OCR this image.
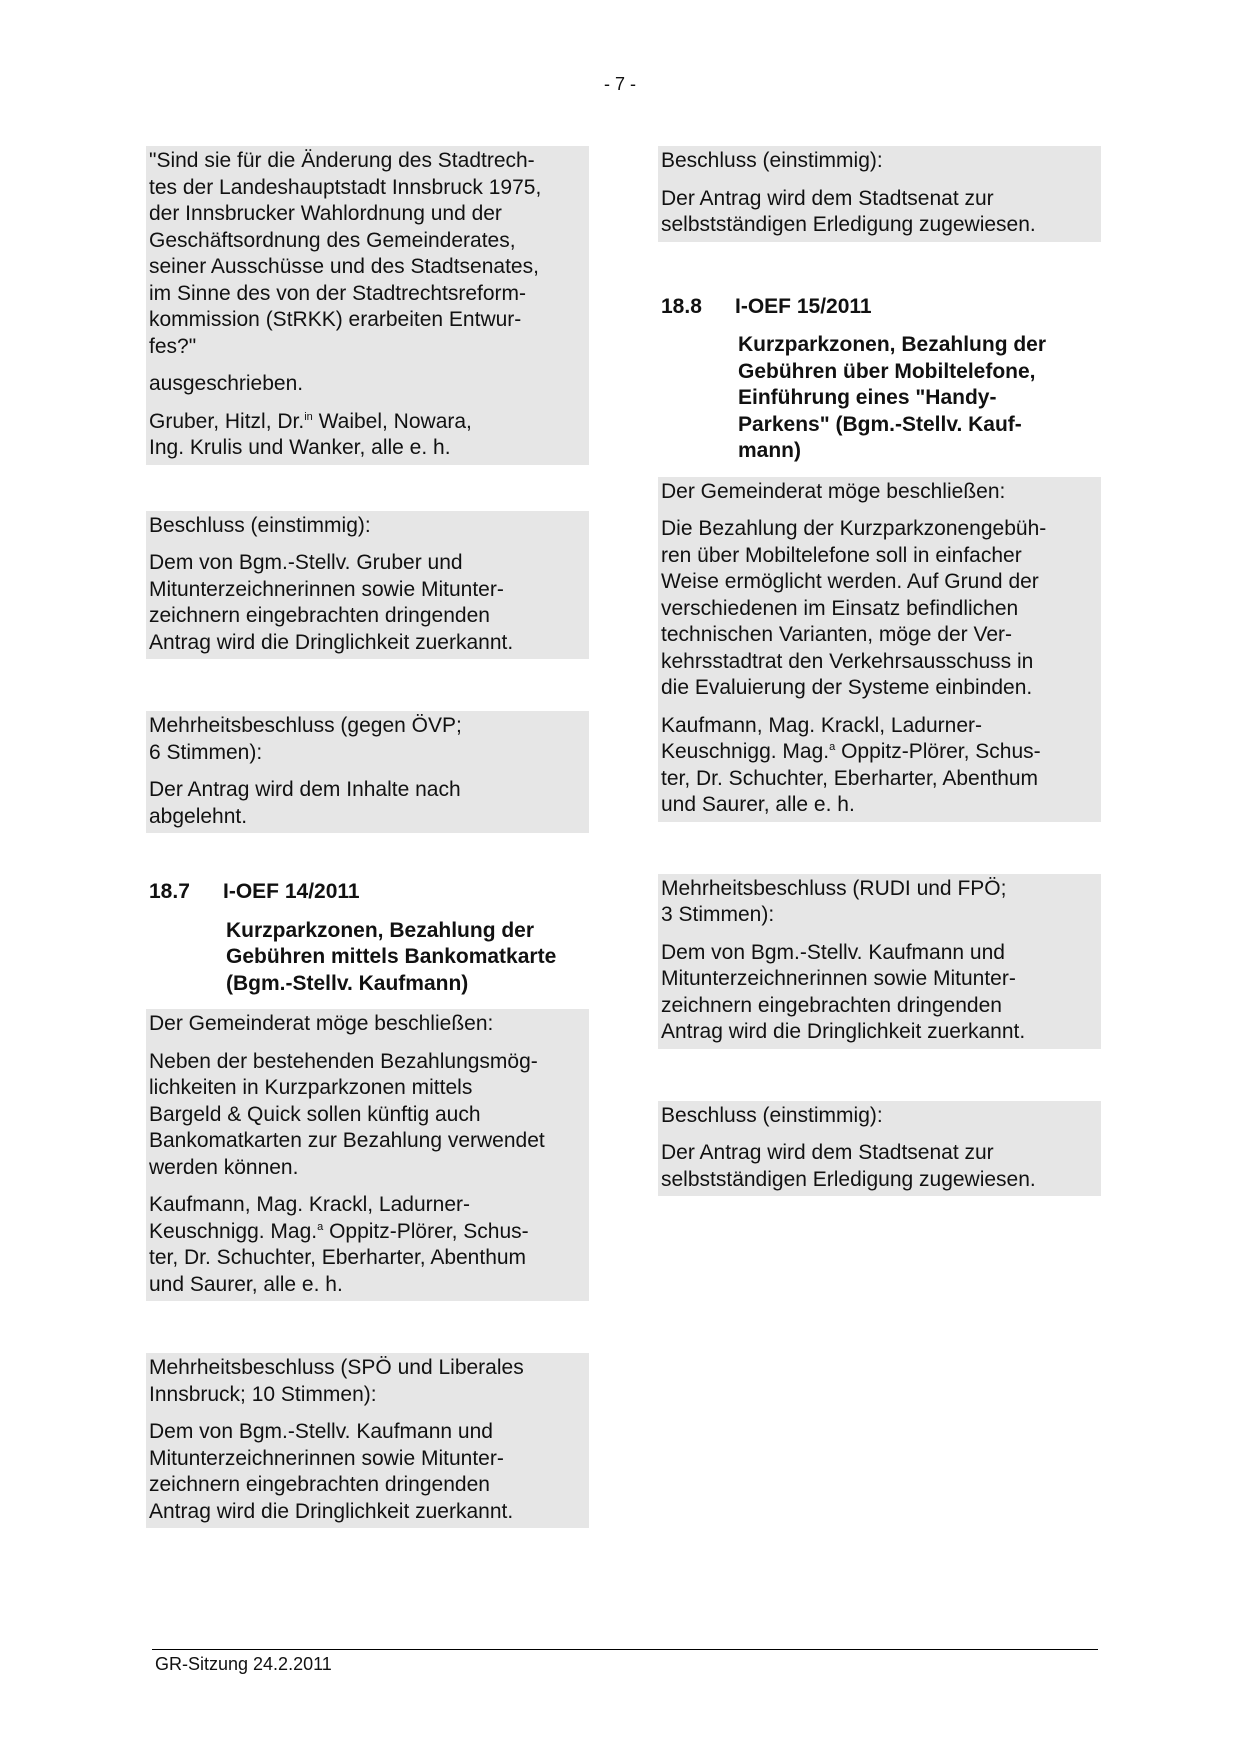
- 7 -

"Sind sie für die Änderung des Stadtrech-
tes der Landeshauptstadt Innsbruck 1975,
der Innsbrucker Wahlordnung und der
Geschäftsordnung des Gemeinderates,
seiner Ausschüsse und des Stadtsenates,
im Sinne des von der Stadtrechtsreform-
kommission (StRKK) erarbeiten Entwur-
fes?"

ausgeschrieben.

Gruber, Hitzl, Dr.$^{in}$ Waibel, Nowara,
Ing. Krulis und Wanker, alle e. h.

Beschluss (einstimmig):

Dem von Bgm.-Stellv. Gruber und
Mitunterzeichnerinnen sowie Mitunter-
zeichnern eingebrachten dringenden
Antrag wird die Dringlichkeit zuerkannt.

Mehrheitsbeschluss (gegen ÖVP;
6 Stimmen):

Der Antrag wird dem Inhalte nach
abgelehnt.

18.7 I-OEF 14/2011
Kurzparkzonen, Bezahlung der
Gebühren mittels Bankomatkarte
(Bgm.-Stellv. Kaufmann)

Der Gemeinderat möge beschließen:

Neben der bestehenden Bezahlungsmög-
lichkeiten in Kurzparkzonen mittels
Bargeld & Quick sollen künftig auch
Bankomatkarten zur Bezahlung verwendet
werden können.

Kaufmann, Mag. Krackl, Ladurner-
Keuschnigg. Mag.$^a$ Oppitz-Plörer, Schus-
ter, Dr. Schuchter, Eberharter, Abenthum
und Saurer, alle e. h.

Mehrheitsbeschluss (SPÖ und Liberales
Innsbruck; 10 Stimmen):

Dem von Bgm.-Stellv. Kaufmann und
Mitunterzeichnerinnen sowie Mitunter-
zeichnern eingebrachten dringenden
Antrag wird die Dringlichkeit zuerkannt.

Beschluss (einstimmig):

Der Antrag wird dem Stadtsenat zur
selbstständigen Erledigung zugewiesen.

18.8 I-OEF 15/2011
Kurzparkzonen, Bezahlung der
Gebühren über Mobiltelefone,
Einführung eines "Handy-
Parkens" (Bgm.-Stellv. Kauf-
mann)

Der Gemeinderat möge beschließen:

Die Bezahlung der Kurzparkzonengebüh-
ren über Mobiltelefone soll in einfacher
Weise ermöglicht werden. Auf Grund der
verschiedenen im Einsatz befindlichen
technischen Varianten, möge der Ver-
kehrsstadtrat den Verkehrsausschuss in
die Evaluierung der Systeme einbinden.

Kaufmann, Mag. Krackl, Ladurner-
Keuschnigg. Mag.$^a$ Oppitz-Plörer, Schus-
ter, Dr. Schuchter, Eberharter, Abenthum
und Saurer, alle e. h.

Mehrheitsbeschluss (RUDI und FPÖ;
3 Stimmen):

Dem von Bgm.-Stellv. Kaufmann und
Mitunterzeichnerinnen sowie Mitunter-
zeichnern eingebrachten dringenden
Antrag wird die Dringlichkeit zuerkannt.

Beschluss (einstimmig):

Der Antrag wird dem Stadtsenat zur
selbstständigen Erledigung zugewiesen.

GR-Sitzung 24.2.2011
